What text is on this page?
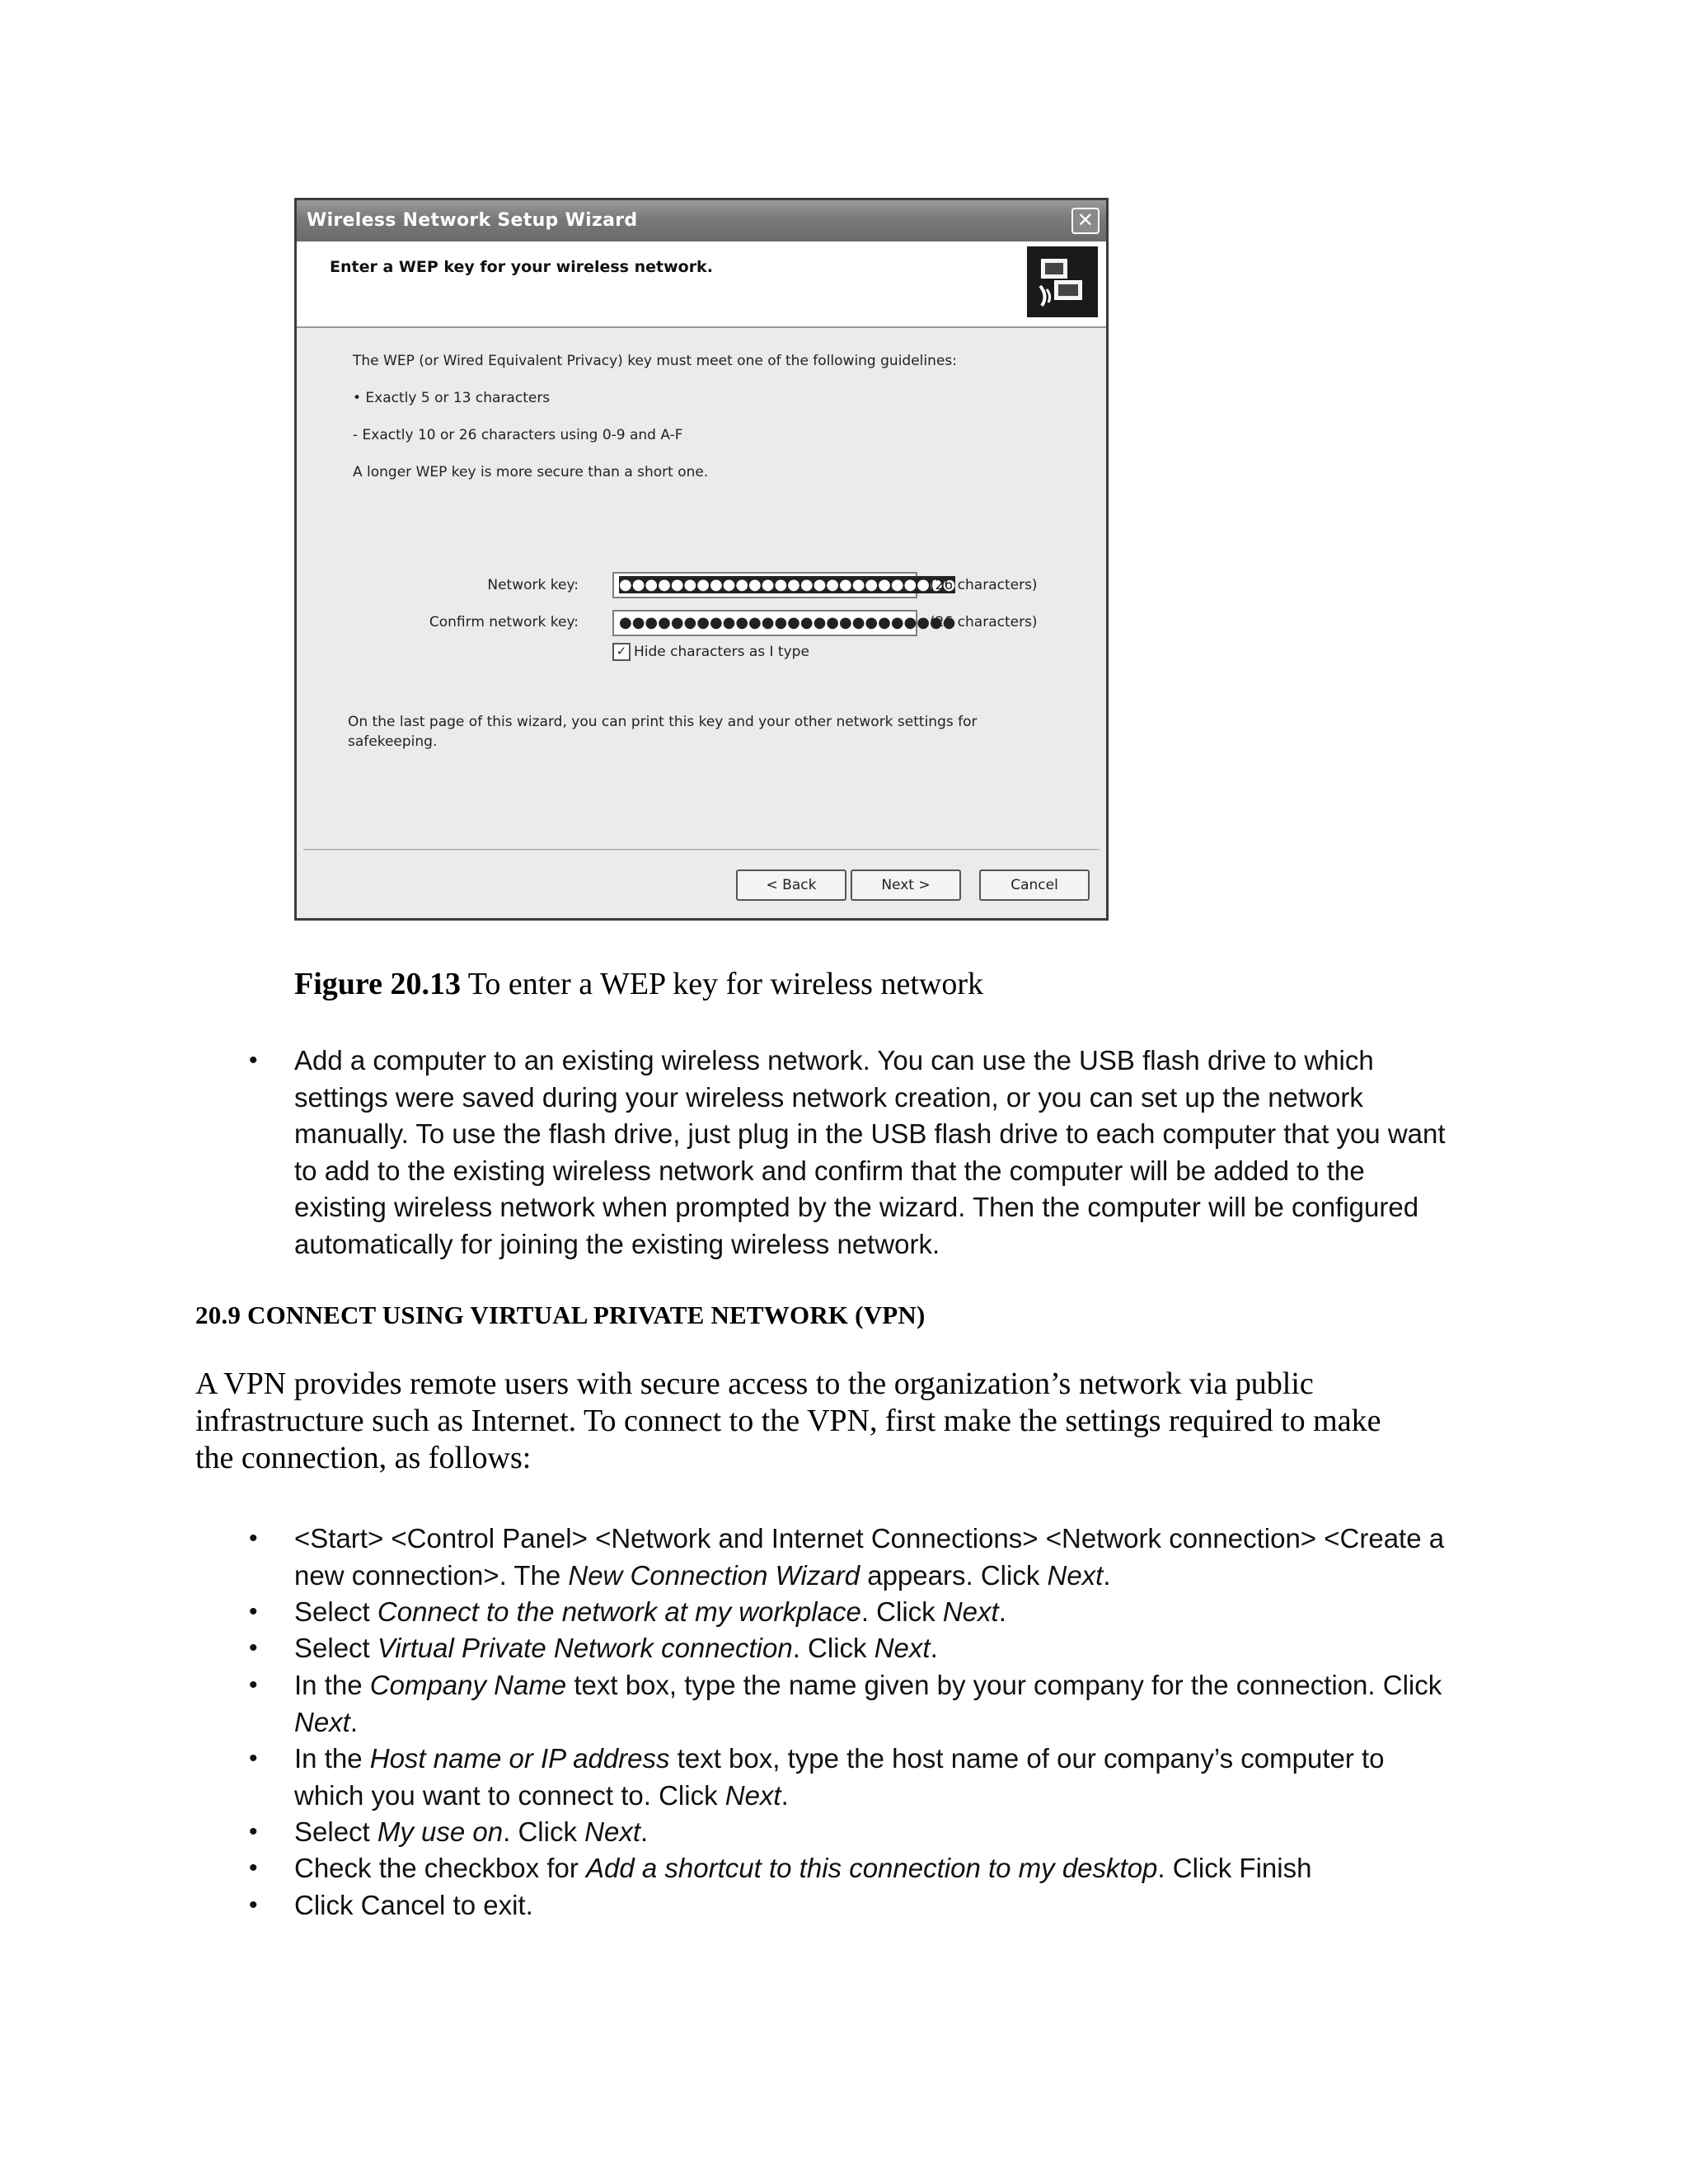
Wireless Network Setup Wizard	✕
Enter a WEP key for your wireless network.
The WEP (or Wired Equivalent Privacy) key must meet one of the following guidelines:
• Exactly 5 or 13 characters
- Exactly 10 or 26 characters using 0-9 and A-F
A longer WEP key is more secure than a short one.
Network key:	●●●●●●●●●●●●●●●●●●●●●●●●●●
(26 characters)
Confirm network key:	●●●●●●●●●●●●●●●●●●●●●●●●●●
(26 characters)
✓ Hide characters as I type
On the last page of this wizard, you can print this key and your other network settings for
safekeeping.
< Back	Next >	Cancel
Figure 20.13 To enter a WEP key for wireless network
• Add a computer to an existing wireless network. You can use the USB flash drive to which
settings were saved during your wireless network creation, or you can set up the network
manually. To use the flash drive, just plug in the USB flash drive to each computer that you want
to add to the existing wireless network and confirm that the computer will be added to the
existing wireless network when prompted by the wizard. Then the computer will be configured
automatically for joining the existing wireless network.
20.9 CONNECT USING VIRTUAL PRIVATE NETWORK (VPN)
A VPN provides remote users with secure access to the organization’s network via public
infrastructure such as Internet. To connect to the VPN, first make the settings required to make
the connection, as follows:
• <Start> <Control Panel> <Network and Internet Connections> <Network connection> <Create a
new connection>. The New Connection Wizard appears. Click Next.
• Select Connect to the network at my workplace. Click Next.
• Select Virtual Private Network connection. Click Next.
• In the Company Name text box, type the name given by your company for the connection. Click
Next.
• In the Host name or IP address text box, type the host name of our company’s computer to
which you want to connect to. Click Next.
• Select My use on. Click Next.
• Check the checkbox for Add a shortcut to this connection to my desktop. Click Finish
• Click Cancel to exit.
